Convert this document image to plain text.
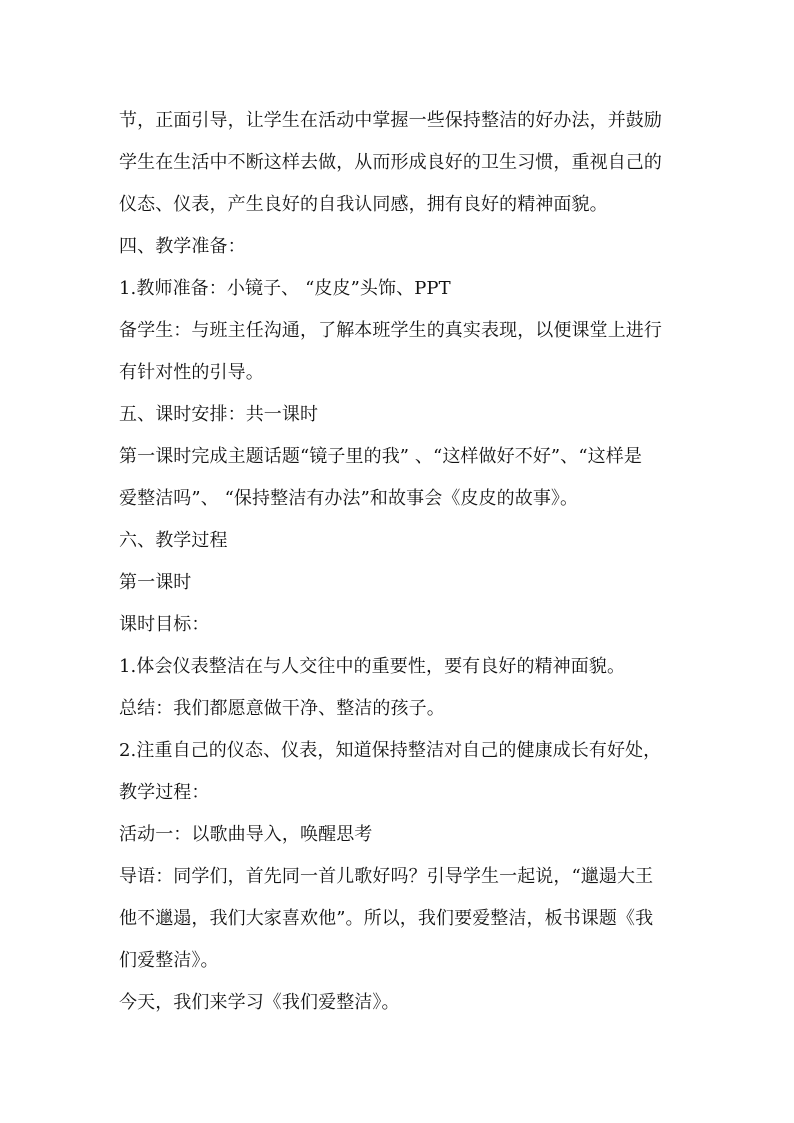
节，正面引导，让学生在活动中掌握一些保持整洁的好办法，并鼓励

学生在生活中不断这样去做，从而形成良好的卫生习惯，重视自己的

仪态、仪表，产生良好的自我认同感，拥有良好的精神面貌。

四、教学准备：

1.教师准备：小镜子、 “皮皮”头饰、PPT

备学生：与班主任沟通，了解本班学生的真实表现，以便课堂上进行

有针对性的引导。

五、课时安排：共一课时

第一课时完成主题话题“镜子里的我” 、“这样做好不好”、“这样是

爱整洁吗”、 “保持整洁有办法”和故事会《皮皮的故事》。

六、教学过程

第一课时

课时目标：

1.体会仪表整洁在与人交往中的重要性，要有良好的精神面貌。

总结：我们都愿意做干净、整洁的孩子。

2.注重自己的仪态、仪表，知道保持整洁对自己的健康成长有好处，

教学过程：

活动一：以歌曲导入，唤醒思考

导语：同学们，首先同一首儿歌好吗？引导学生一起说，“邋遢大王

他不邋遢，我们大家喜欢他”。所以，我们要爱整洁，板书课题《我

们爱整洁》。

今天，我们来学习《我们爱整洁》。
